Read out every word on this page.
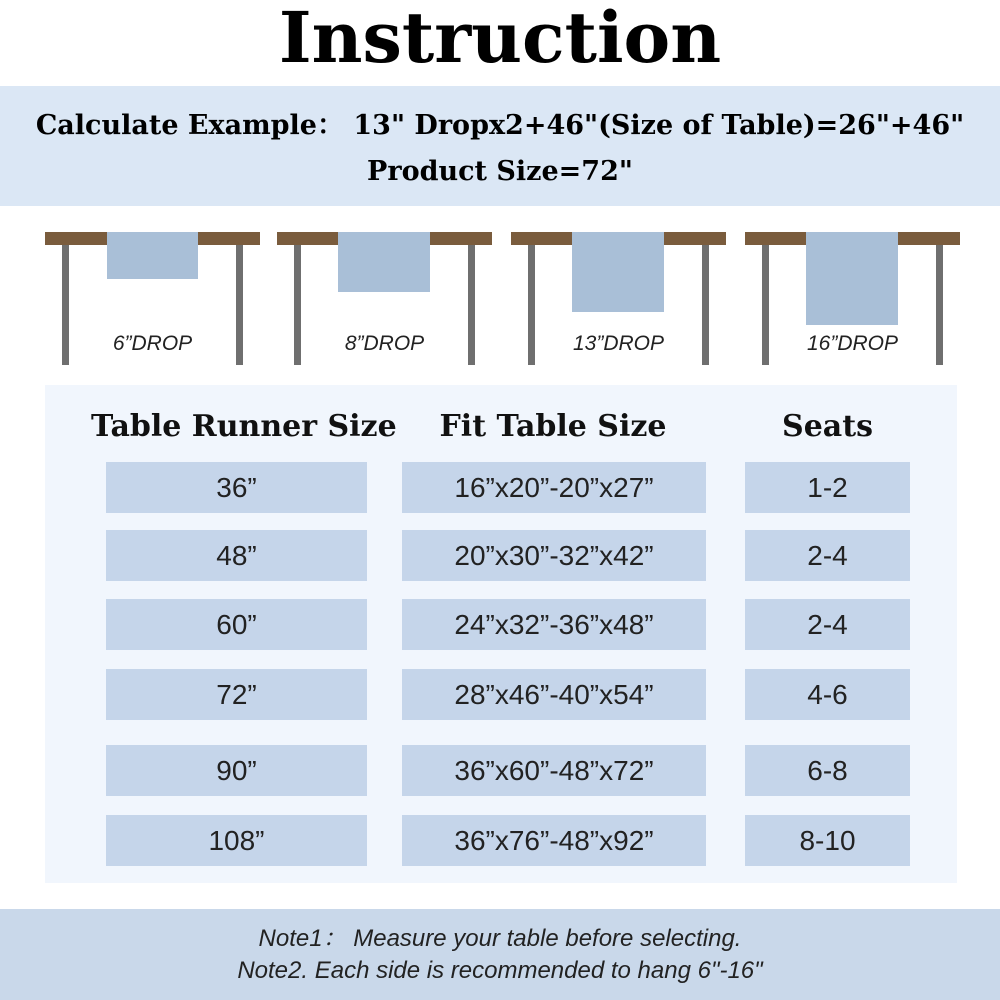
Instruction
Calculate Example： 13" Dropx2+46"(Size of Table)=26"+46"
Product Size=72"
6”DROP	8”DROP	13”DROP	16”DROP
Table Runner Size	Fit Table Size	Seats
36”	16”x20”-20”x27”	1-2
48”	20”x30”-32”x42”	2-4
60”	24”x32”-36”x48”	2-4
72”	28”x46”-40”x54”	4-6
90”	36”x60”-48”x72”	6-8
108”	36”x76”-48”x92”	8-10
Note1： Measure your table before selecting.
Note2. Each side is recommended to hang 6"-16"
